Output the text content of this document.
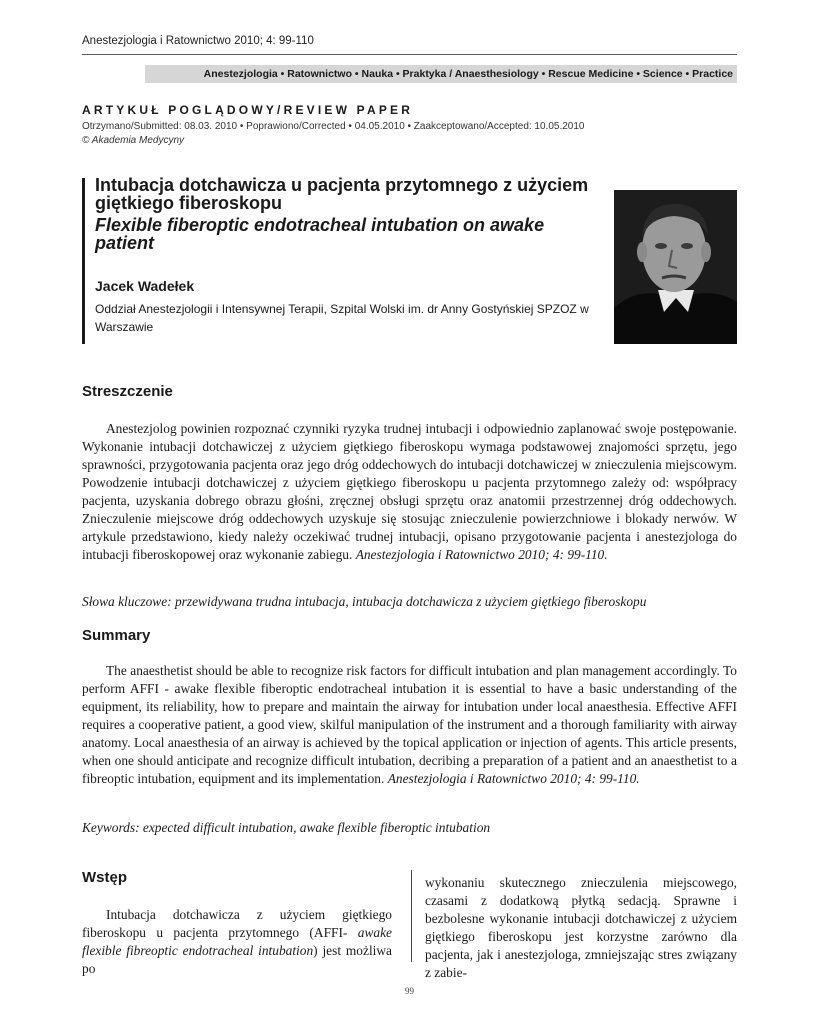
Anestezjologia i Ratownictwo 2010; 4: 99-110
Anestezjologia • Ratownictwo • Nauka • Praktyka / Anaesthesiology • Rescue Medicine • Science • Practice
ARTYKUŁ POGLĄDOWY/REVIEW PAPER
Otrzymano/Submitted: 08.03. 2010 • Poprawiono/Corrected • 04.05.2010 • Zaakceptowano/Accepted: 10.05.2010
© Akademia Medycyny
Intubacja dotchawicza u pacjenta przytomnego z użyciem giętkiego fiberoskopu
Flexible fiberoptic endotracheal intubation on awake patient
Jacek Wadełek
Oddział Anestezjologii i Intensywnej Terapii, Szpital Wolski im. dr Anny Gostyńskiej SPZOZ w Warszawie
Streszczenie

Anestezjolog powinien rozpoznać czynniki ryzyka trudnej intubacji i odpowiednio zaplanować swoje postępowanie. Wykonanie intubacji dotchawiczej z użyciem giętkiego fiberoskopu wymaga podstawowej znajomości sprzętu, jego sprawności, przygotowania pacjenta oraz jego dróg oddechowych do intubacji dotchawiczej w znieczulenia miejscowym. Powodzenie intubacji dotchawiczej z użyciem giętkiego fiberoskopu u pacjenta przytomnego zależy od: współpracy pacjenta, uzyskania dobrego obrazu głośni, zręcznej obsługi sprzętu oraz anatomii przestrzennej dróg oddechowych. Znieczulenie miejscowe dróg oddechowych uzyskuje się stosując znieczulenie powierzchniowe i blokady nerwów. W artykule przedstawiono, kiedy należy oczekiwać trudnej intubacji, opisano przygotowanie pacjenta i anestezjologa do intubacji fiberoskopowej oraz wykonanie zabiegu. Anestezjologia i Ratownictwo 2010; 4: 99-110.

Słowa kluczowe: przewidywana trudna intubacja, intubacja dotchawicza z użyciem giętkiego fiberoskopu
Summary

The anaesthetist should be able to recognize risk factors for difficult intubation and plan management accordingly. To perform AFFI - awake flexible fiberoptic endotracheal intubation it is essential to have a basic understanding of the equipment, its reliability, how to prepare and maintain the airway for intubation under local anaesthesia. Effective AFFI requires a cooperative patient, a good view, skilful manipulation of the instrument and a thorough familiarity with airway anatomy. Local anaesthesia of an airway is achieved by the topical application or injection of agents. This article presents, when one should anticipate and recognize difficult intubation, decribing a preparation of a patient and an anaesthetist to a fibreoptic intubation, equipment and its implementation. Anestezjologia i Ratownictwo 2010; 4: 99-110.

Keywords: expected difficult intubation, awake flexible fiberoptic intubation
Wstęp

Intubacja dotchawicza z użyciem giętkiego fiberoskopu u pacjenta przytomnego (AFFI- awake flexible fibreoptic endotracheal intubation) jest możliwa po

wykonaniu skutecznego znieczulenia miejscowego, czasami z dodatkową płytką sedacją. Sprawne i bezbolesne wykonanie intubacji dotchawiczej z użyciem giętkiego fiberoskopu jest korzystne zarówno dla pacjenta, jak i anestezjologa, zmniejszając stres związany z zabie-
99
